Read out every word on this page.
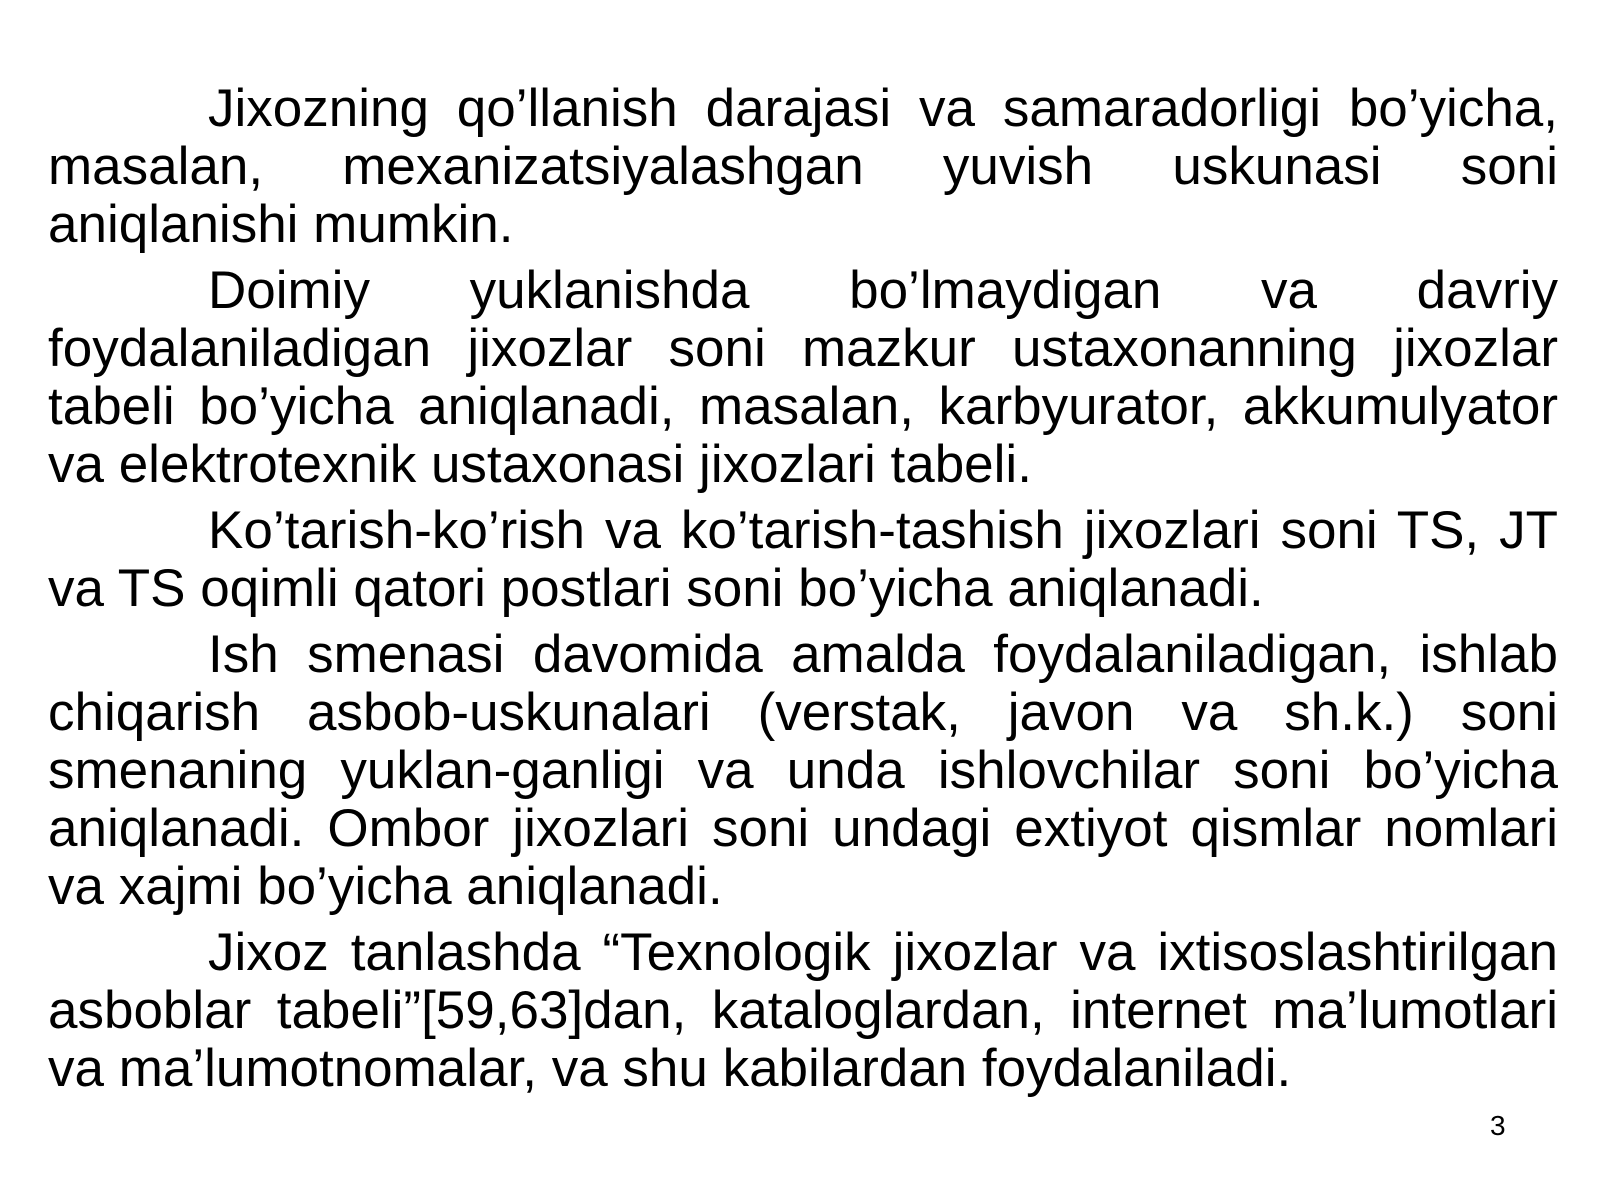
Jixozning qo’llanish darajasi va samaradorligi bo’yicha, masalan, mexanizatsiyalashgan yuvish uskunasi soni aniqlanishi mumkin.

Doimiy yuklanishda bo’lmaydigan va davriy foydalaniladigan jixozlar soni mazkur ustaxonanning jixozlar tabeli bo’yicha aniqlanadi, masalan, karbyurator, akkumulyator va elektrotexnik ustaxonasi jixozlari tabeli.

Ko’tarish-ko’rish va ko’tarish-tashish jixozlari soni TS, JT va TS oqimli qatori postlari soni bo’yicha aniqlanadi.

Ish smenasi davomida amalda foydalaniladigan, ishlab chiqarish asbob-uskunalari (verstak, javon va sh.k.) soni smenaning yuklan-ganligi va unda ishlovchilar soni bo’yicha aniqlanadi. Ombor jixozlari soni undagi extiyot qismlar nomlari va xajmi bo’yicha aniqlanadi.

Jixoz tanlashda “Texnologik jixozlar va ixtisoslashtirilgan asboblar tabeli”[59,63]dan, kataloglardan, internet ma’lumotlari va ma’lumotnomalar, va shu kabilardan foydalaniladi.

3
